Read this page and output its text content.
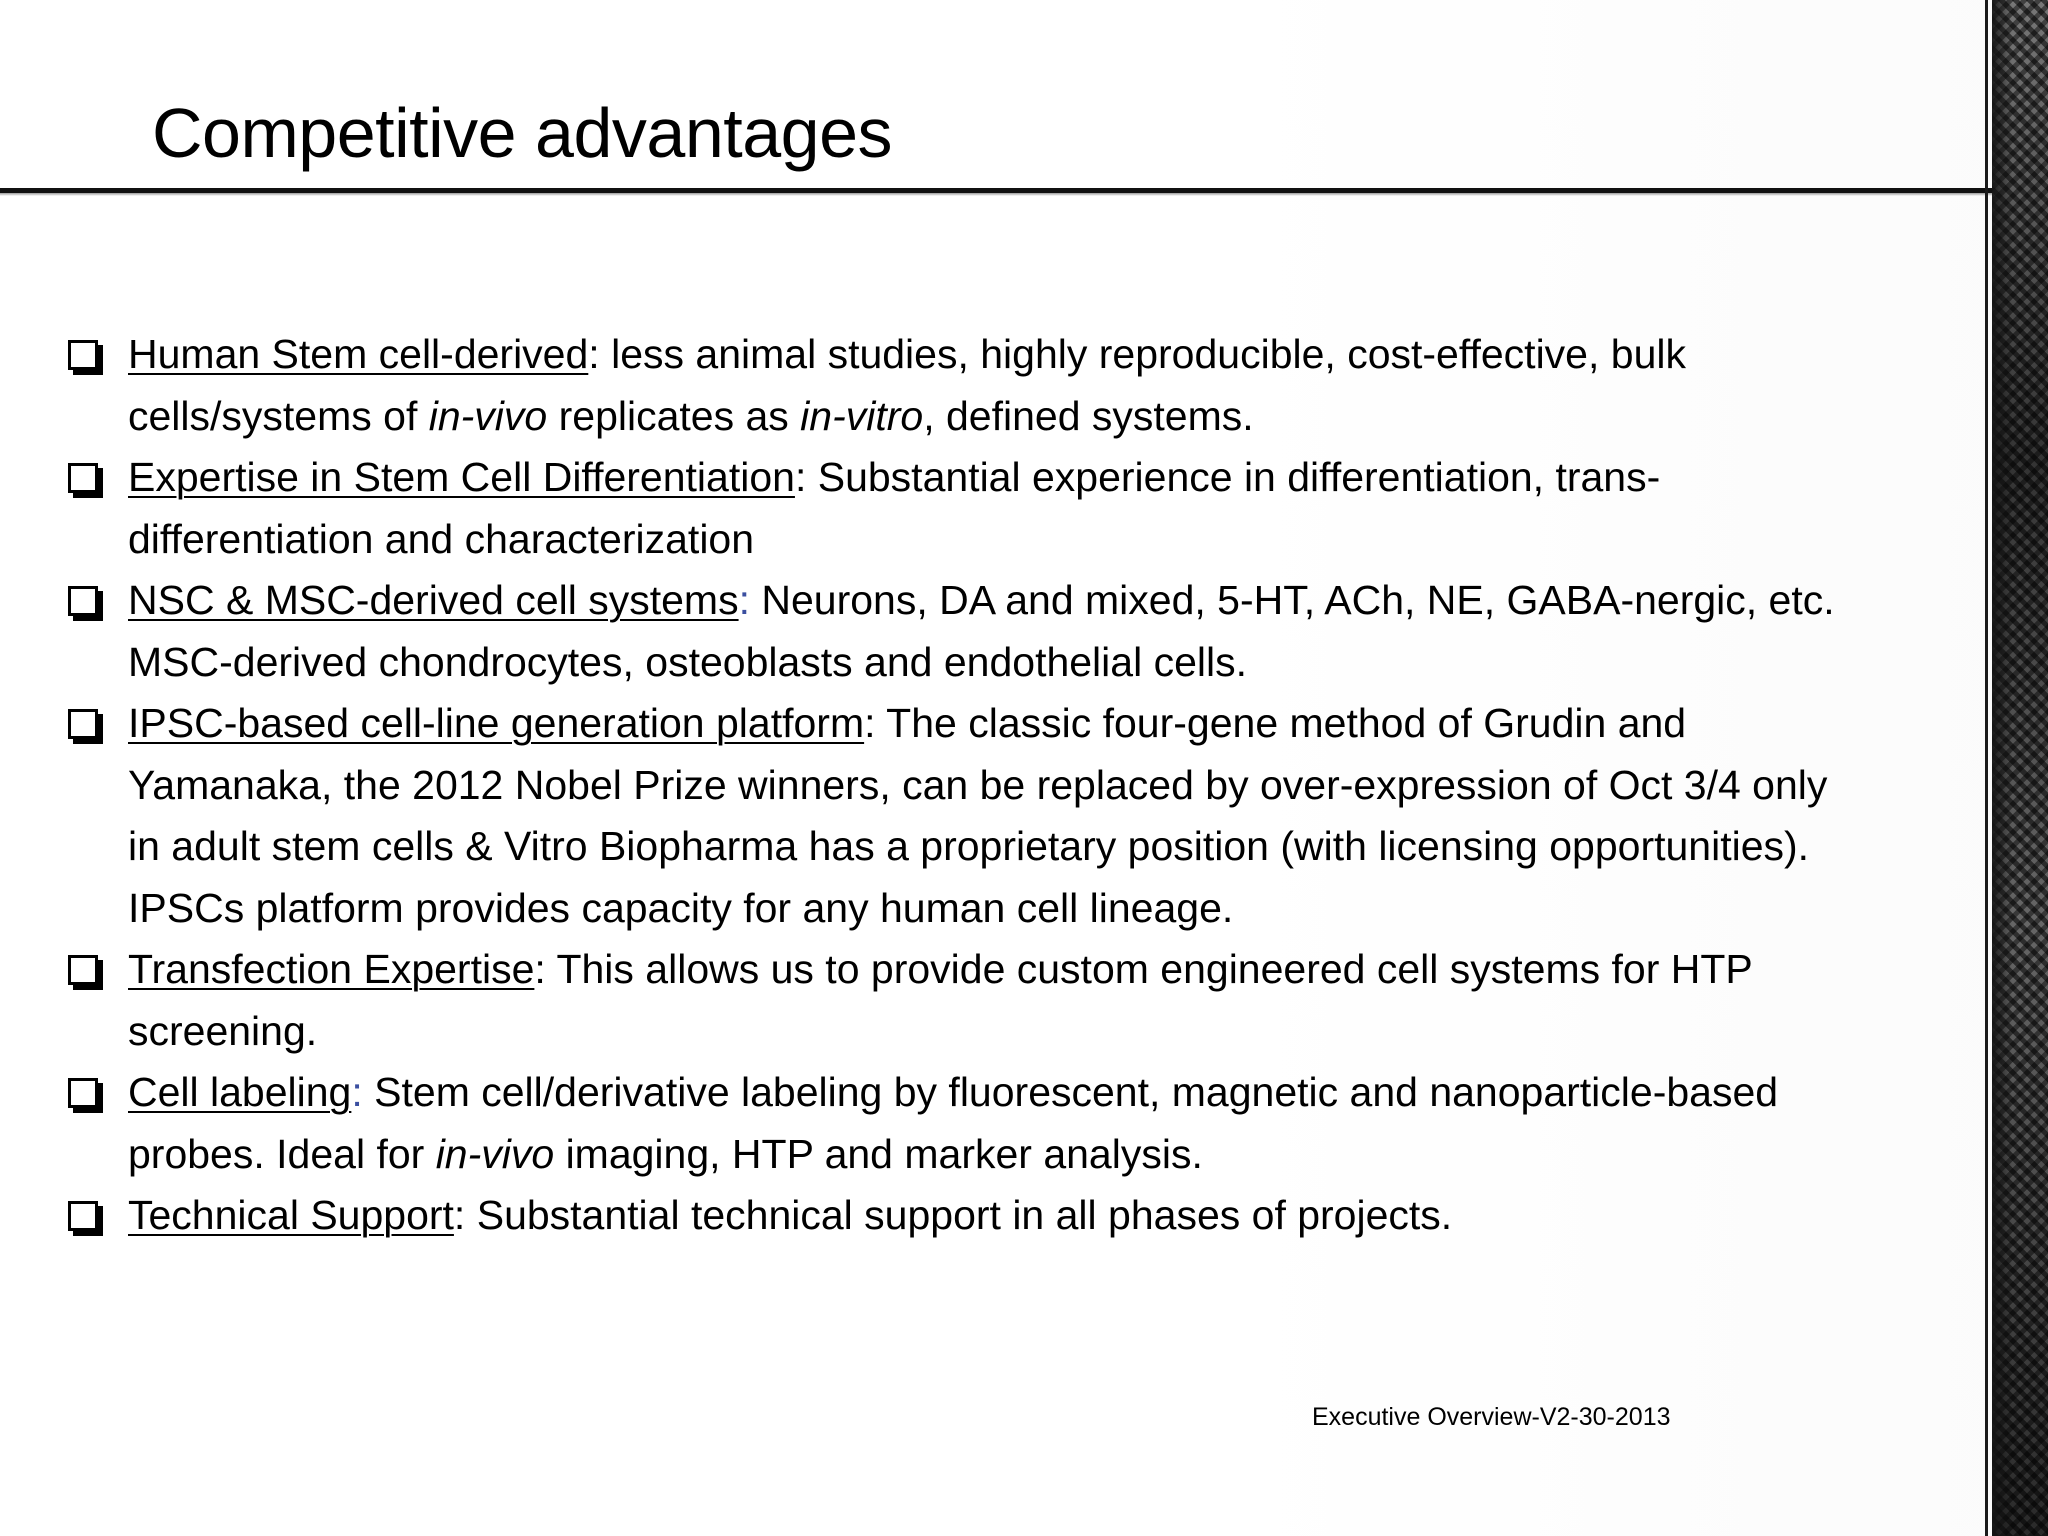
Competitive advantages
Human Stem cell-derived: less animal studies, highly reproducible, cost-effective, bulk cells/systems of in-vivo replicates as in-vitro, defined systems.
Expertise in Stem Cell Differentiation: Substantial experience in differentiation, trans-differentiation and characterization
NSC & MSC-derived cell systems: Neurons, DA and mixed, 5-HT, ACh, NE, GABA-nergic, etc. MSC-derived chondrocytes, osteoblasts and endothelial cells.
IPSC-based cell-line generation platform: The classic four-gene method of Grudin and Yamanaka, the 2012 Nobel Prize winners, can be replaced by over-expression of Oct 3/4 only in adult stem cells & Vitro Biopharma has a proprietary position (with licensing opportunities). IPSCs platform provides capacity for any human cell lineage.
Transfection Expertise: This allows us to provide custom engineered cell systems for HTP screening.
Cell labeling: Stem cell/derivative labeling by fluorescent, magnetic and nanoparticle-based probes. Ideal for in-vivo imaging, HTP and marker analysis.
Technical Support: Substantial technical support in all phases of projects.
Executive Overview-V2-30-2013
